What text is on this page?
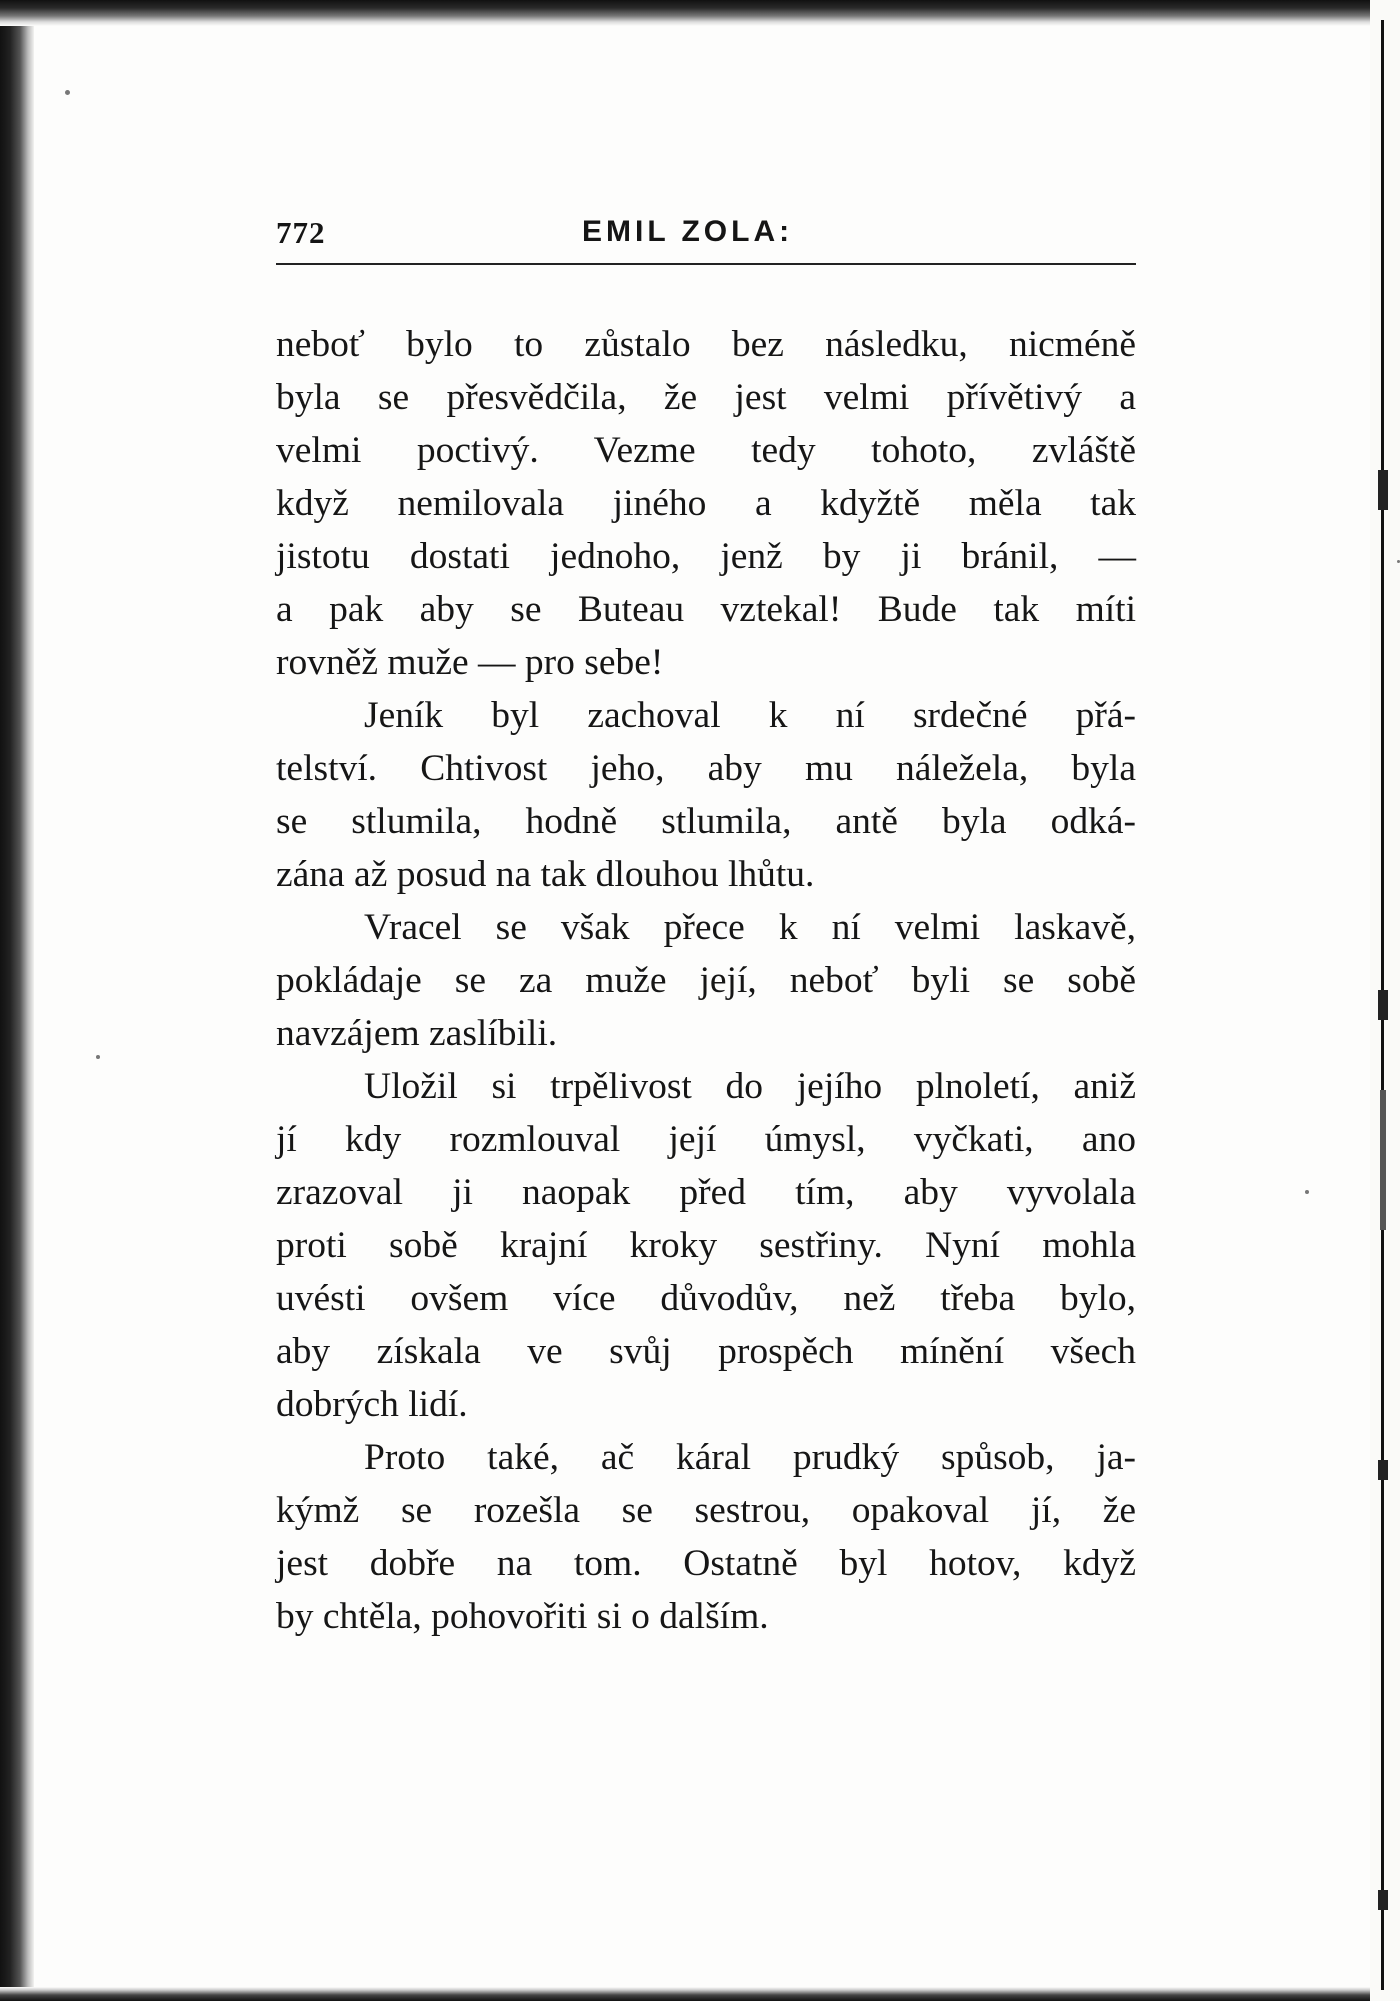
772	EMIL ZOLA:
neboť bylo to zůstalo bez následku, nicméně
byla se přesvědčila, že jest velmi přívětivý a
velmi poctivý. Vezme tedy tohoto, zvláště
když nemilovala jiného a kdyžtě měla tak
jistotu dostati jednoho, jenž by ji bránil, —
a pak aby se Buteau vztekal! Bude tak míti
rovněž muže — pro sebe!
Jeník byl zachoval k ní srdečné přá-
telství. Chtivost jeho, aby mu náležela, byla
se stlumila, hodně stlumila, antě byla odká-
zána až posud na tak dlouhou lhůtu.
Vracel se však přece k ní velmi laskavě,
pokládaje se za muže její, neboť byli se sobě
navzájem zaslíbili.
Uložil si trpělivost do jejího plnoletí, aniž
jí kdy rozmlouval její úmysl, vyčkati, ano
zrazoval ji naopak před tím, aby vyvolala
proti sobě krajní kroky sestřiny. Nyní mohla
uvésti ovšem více důvodův, než třeba bylo,
aby získala ve svůj prospěch mínění všech
dobrých lidí.
Proto také, ač káral prudký spůsob, ja-
kýmž se rozešla se sestrou, opakoval jí, že
jest dobře na tom. Ostatně byl hotov, když
by chtěla, pohovořiti si o dalším.
